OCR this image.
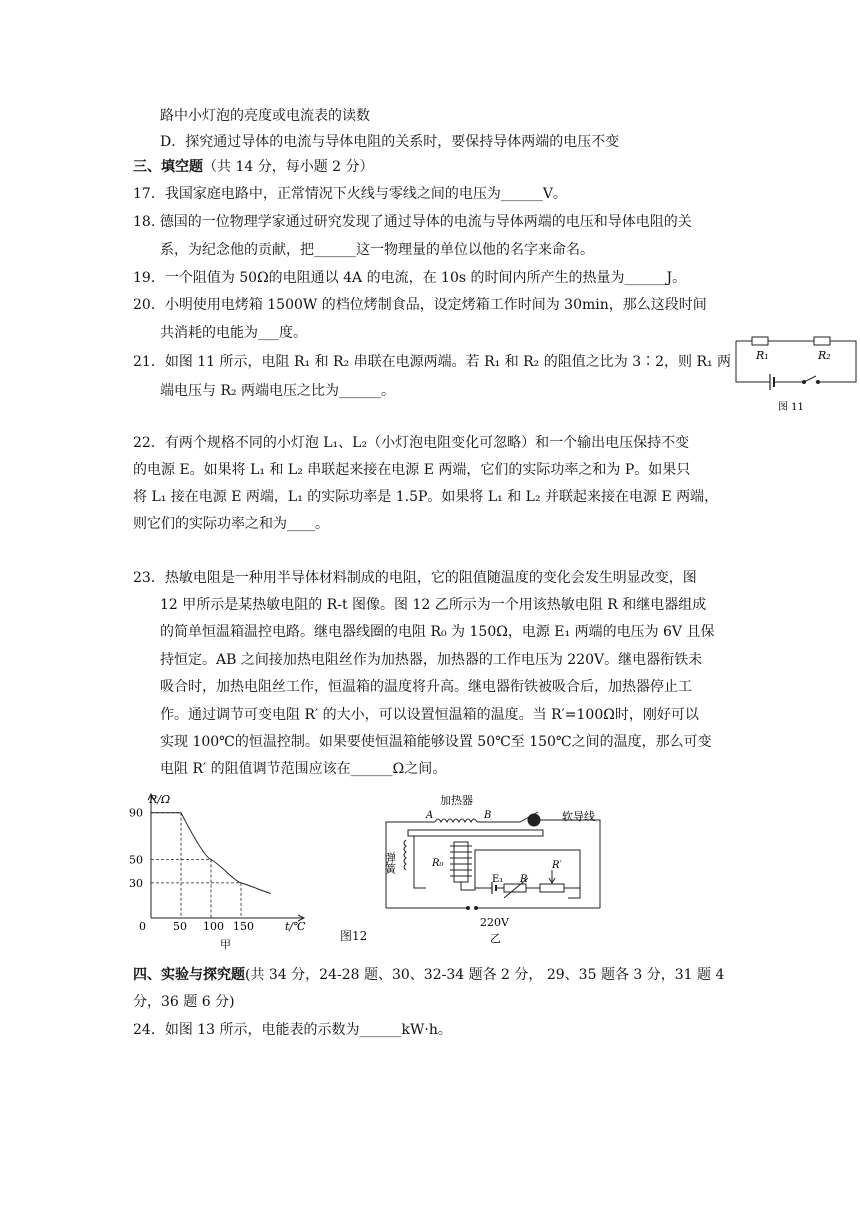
路中小灯泡的亮度或电流表的读数
D．探究通过导体的电流与导体电阻的关系时，要保持导体两端的电压不变
三、填空题（共 14 分，每小题 2 分）
17．我国家庭电路中，正常情况下火线与零线之间的电压为______V。
18. 德国的一位物理学家通过研究发现了通过导体的电流与导体两端的电压和导体电阻的关
系，为纪念他的贡献，把______这一物理量的单位以他的名字来命名。
19．一个阻值为 50Ω的电阻通以 4A 的电流，在 10s 的时间内所产生的热量为______J。
20．小明使用电烤箱 1500W 的档位烤制食品，设定烤箱工作时间为 30min，那么这段时间
共消耗的电能为___度。
21．如图 11 所示，电阻 R₁ 和 R₂ 串联在电源两端。若 R₁ 和 R₂ 的阻值之比为 3∶2，则 R₁ 两
端电压与 R₂ 两端电压之比为______。
22．有两个规格不同的小灯泡 L₁、L₂（小灯泡电阻变化可忽略）和一个输出电压保持不变
的电源 E。如果将 L₁ 和 L₂ 串联起来接在电源 E 两端，它们的实际功率之和为 P。如果只
将 L₁ 接在电源 E 两端，L₁ 的实际功率是 1.5P。如果将 L₁ 和 L₂ 并联起来接在电源 E 两端，
则它们的实际功率之和为____。
23．热敏电阻是一种用半导体材料制成的电阻，它的阻值随温度的变化会发生明显改变，图
12 甲所示是某热敏电阻的 R-t 图像。图 12 乙所示为一个用该热敏电阻 R 和继电器组成
的简单恒温箱温控电路。继电器线圈的电阻 R₀ 为 150Ω，电源 E₁ 两端的电压为 6V 且保
持恒定。AB 之间接加热电阻丝作为加热器，加热器的工作电压为 220V。继电器衔铁未
吸合时，加热电阻丝工作，恒温箱的温度将升高。继电器衔铁被吸合后，加热器停止工
作。通过调节可变电阻 R′ 的大小，可以设置恒温箱的温度。当 R′=100Ω时，刚好可以
实现 100℃的恒温控制。如果要使恒温箱能够设置 50℃至 150℃之间的温度，那么可变
电阻 R′ 的阻值调节范围应该在______Ω之间。
四、实验与探究题(共 34 分，24-28 题、30、32-34 题各 2 分， 29、35 题各 3 分，31 题 4
分，36 题 6 分)
24．如图 13 所示，电能表的示数为______kW·h。
R₁	R₂
图 11
90
50
30
50 100 150
R/Ω
t/℃
0
甲
图12
加热器
A	B	软导线
弹簧	R₀
E₁ R
R′
220V
乙
